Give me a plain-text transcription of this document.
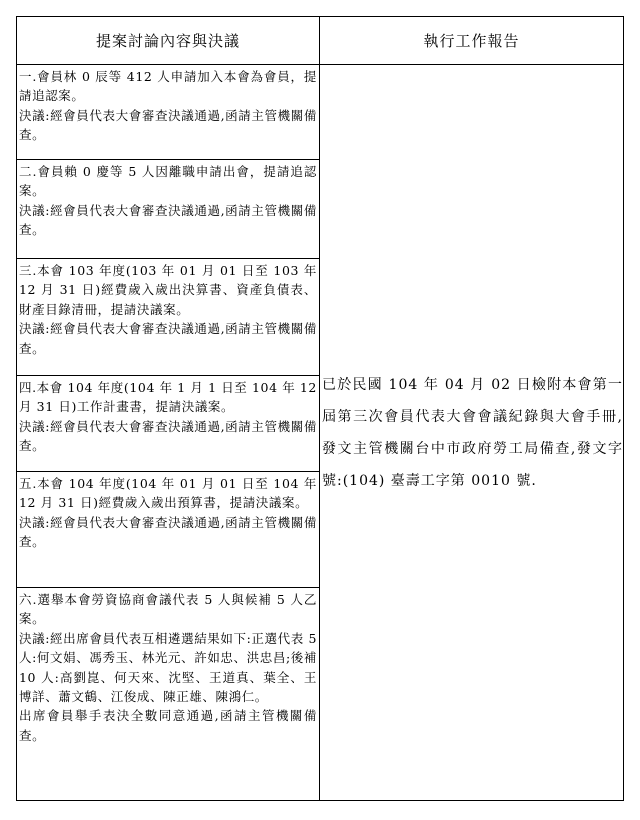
提案討論內容與決議	執行工作報告

一.會員林 0 辰等 412 人申請加入本會為會員，提請追認案。

決議:經會員代表大會審查決議通過,函請主管機關備查。	已於民國 104 年 04 月 02 日檢附本會第一屆第三次會員代表大會會議紀錄與大會手冊,發文主管機關台中市政府勞工局備查,發文字號:(104) 臺壽工字第 0010 號.

二.會員賴 0 慶等 5 人因離職申請出會，提請追認案。

決議:經會員代表大會審查決議通過,函請主管機關備查。	

三.本會 103 年度(103 年 01 月 01 日至 103 年 12 月 31 日)經費歲入歲出決算書、資產負債表、財產目錄清冊，提請決議案。

決議:經會員代表大會審查決議通過,函請主管機關備查。	

四.本會 104 年度(104 年 1 月 1 日至 104 年 12 月 31 日)工作計畫書，提請決議案。

決議:經會員代表大會審查決議通過,函請主管機關備查。	

五.本會 104 年度(104 年 01 月 01 日至 104 年 12 月 31 日)經費歲入歲出預算書，提請決議案。

決議:經會員代表大會審查決議通過,函請主管機關備查。	

六.選舉本會勞資協商會議代表 5 人與候補 5 人乙案。

決議:經出席會員代表互相遴選結果如下:正選代表 5 人:何文娟、馮秀玉、林光元、許如忠、洪忠昌;後補 10 人:高劉崑、何天來、沈堅、王道真、葉全、王博詳、蕭文鶴、江俊成、陳正雄、陳鴻仁。

出席會員舉手表決全數同意通過,函請主管機關備查。	
